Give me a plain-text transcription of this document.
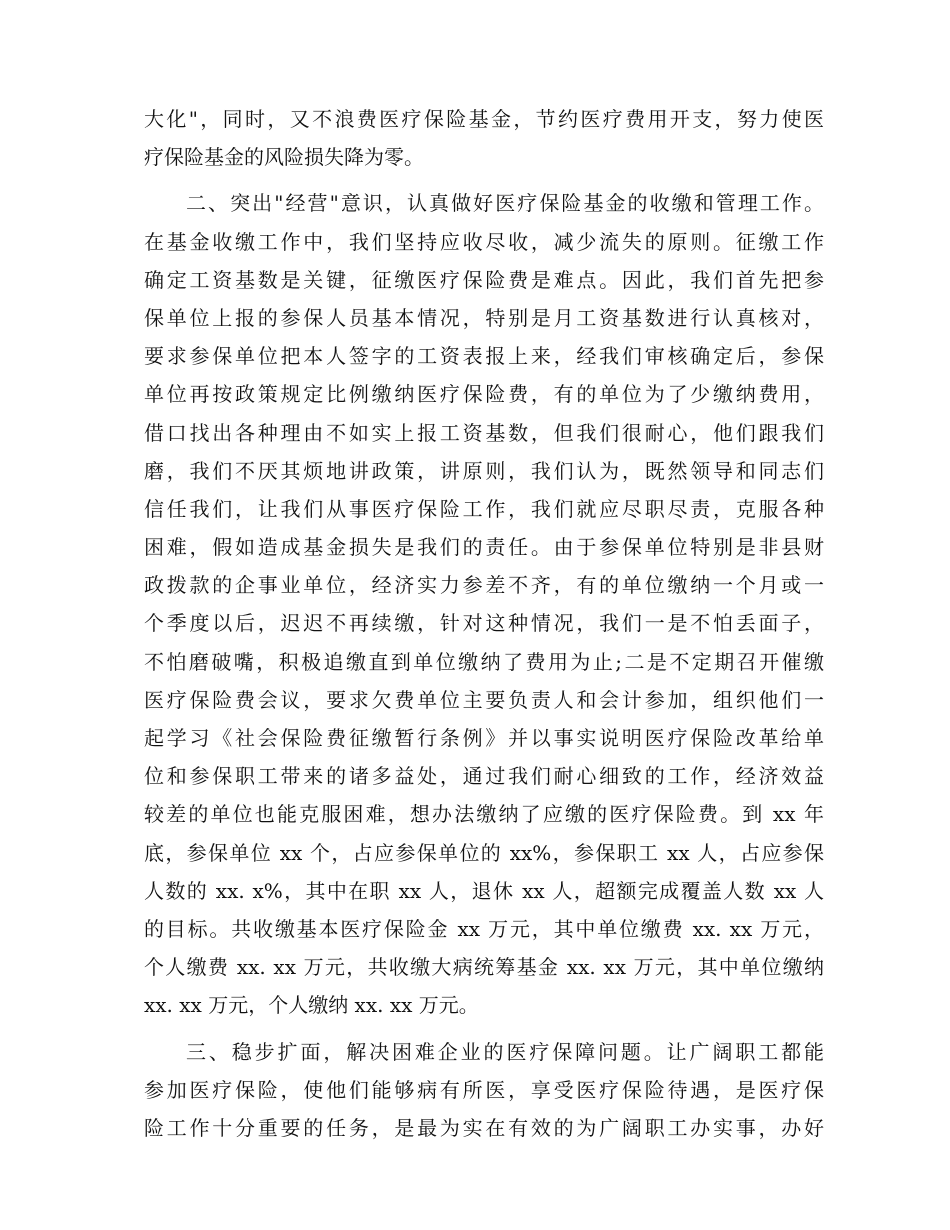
大化"，同时，又不浪费医疗保险基金，节约医疗费用开支，努力使医
疗保险基金的风险损失降为零。
二、突出"经营"意识，认真做好医疗保险基金的收缴和管理工作。
在基金收缴工作中，我们坚持应收尽收，减少流失的原则。征缴工作
确定工资基数是关键，征缴医疗保险费是难点。因此，我们首先把参
保单位上报的参保人员基本情况，特别是月工资基数进行认真核对，
要求参保单位把本人签字的工资表报上来，经我们审核确定后，参保
单位再按政策规定比例缴纳医疗保险费，有的单位为了少缴纳费用，
借口找出各种理由不如实上报工资基数，但我们很耐心，他们跟我们
磨，我们不厌其烦地讲政策，讲原则，我们认为，既然领导和同志们
信任我们，让我们从事医疗保险工作，我们就应尽职尽责，克服各种
困难，假如造成基金损失是我们的责任。由于参保单位特别是非县财
政拨款的企事业单位，经济实力参差不齐，有的单位缴纳一个月或一
个季度以后，迟迟不再续缴，针对这种情况，我们一是不怕丢面子，
不怕磨破嘴，积极追缴直到单位缴纳了费用为止;二是不定期召开催缴
医疗保险费会议，要求欠费单位主要负责人和会计参加，组织他们一
起学习《社会保险费征缴暂行条例》并以事实说明医疗保险改革给单
位和参保职工带来的诸多益处，通过我们耐心细致的工作，经济效益
较差的单位也能克服困难，想办法缴纳了应缴的医疗保险费。到 xx 年
底，参保单位 xx 个，占应参保单位的 xx%，参保职工 xx 人，占应参保
人数的 xx. x%，其中在职 xx 人，退休 xx 人，超额完成覆盖人数 xx 人
的目标。共收缴基本医疗保险金 xx 万元，其中单位缴费 xx. xx 万元，
个人缴费 xx. xx 万元，共收缴大病统筹基金 xx. xx 万元，其中单位缴纳
xx. xx 万元，个人缴纳 xx. xx 万元。
三、稳步扩面，解决困难企业的医疗保障问题。让广阔职工都能
参加医疗保险，使他们能够病有所医，享受医疗保险待遇，是医疗保
险工作十分重要的任务，是最为实在有效的为广阔职工办实事，办好
